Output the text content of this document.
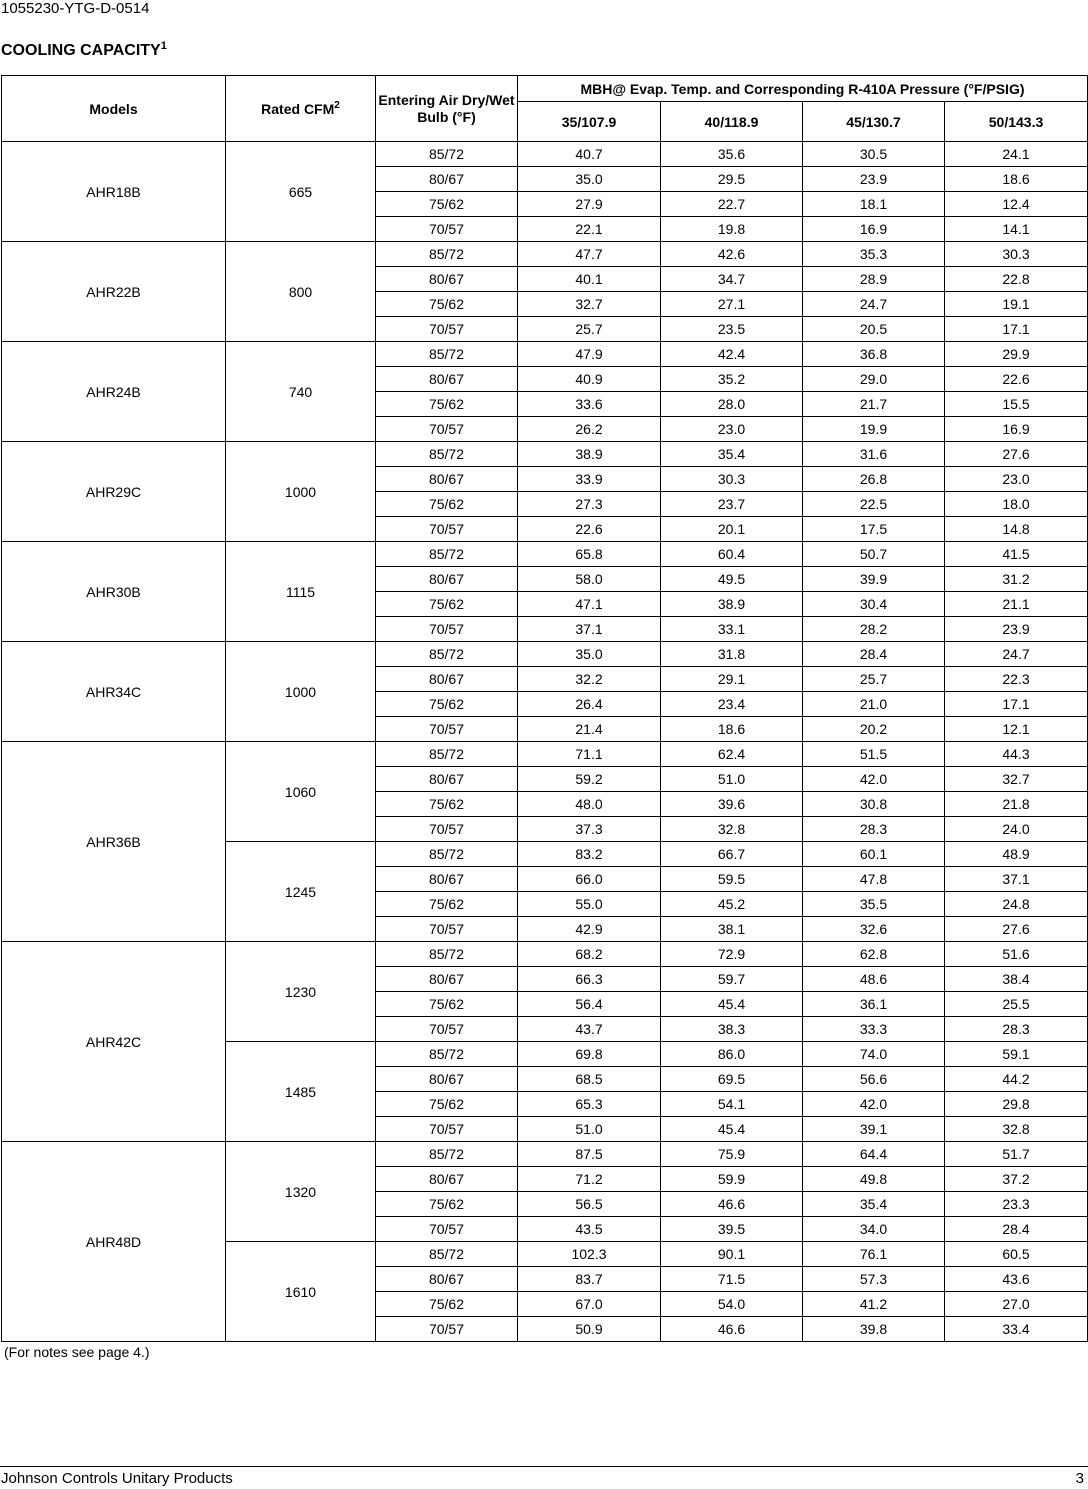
1055230-YTG-D-0514
COOLING CAPACITY$^1$
Models	Rated CFM$^2$	Entering Air Dry/Wet Bulb (°F)	MBH@ Evap. Temp. and Corresponding R-410A Pressure (°F/PSIG)			
			35/107.9	40/118.9	45/130.7	50/143.3
AHR18B	665	85/72	40.7	35.6	30.5	24.1
		80/67	35.0	29.5	23.9	18.6
		75/62	27.9	22.7	18.1	12.4
		70/57	22.1	19.8	16.9	14.1
AHR22B	800	85/72	47.7	42.6	35.3	30.3
		80/67	40.1	34.7	28.9	22.8
		75/62	32.7	27.1	24.7	19.1
		70/57	25.7	23.5	20.5	17.1
AHR24B	740	85/72	47.9	42.4	36.8	29.9
		80/67	40.9	35.2	29.0	22.6
		75/62	33.6	28.0	21.7	15.5
		70/57	26.2	23.0	19.9	16.9
AHR29C	1000	85/72	38.9	35.4	31.6	27.6
		80/67	33.9	30.3	26.8	23.0
		75/62	27.3	23.7	22.5	18.0
		70/57	22.6	20.1	17.5	14.8
AHR30B	1115	85/72	65.8	60.4	50.7	41.5
		80/67	58.0	49.5	39.9	31.2
		75/62	47.1	38.9	30.4	21.1
		70/57	37.1	33.1	28.2	23.9
AHR34C	1000	85/72	35.0	31.8	28.4	24.7
		80/67	32.2	29.1	25.7	22.3
		75/62	26.4	23.4	21.0	17.1
		70/57	21.4	18.6	20.2	12.1
AHR36B	1060	85/72	71.1	62.4	51.5	44.3
		80/67	59.2	51.0	42.0	32.7
		75/62	48.0	39.6	30.8	21.8
		70/57	37.3	32.8	28.3	24.0
	1245	85/72	83.2	66.7	60.1	48.9
		80/67	66.0	59.5	47.8	37.1
		75/62	55.0	45.2	35.5	24.8
		70/57	42.9	38.1	32.6	27.6
AHR42C	1230	85/72	68.2	72.9	62.8	51.6
		80/67	66.3	59.7	48.6	38.4
		75/62	56.4	45.4	36.1	25.5
		70/57	43.7	38.3	33.3	28.3
	1485	85/72	69.8	86.0	74.0	59.1
		80/67	68.5	69.5	56.6	44.2
		75/62	65.3	54.1	42.0	29.8
		70/57	51.0	45.4	39.1	32.8
AHR48D	1320	85/72	87.5	75.9	64.4	51.7
		80/67	71.2	59.9	49.8	37.2
		75/62	56.5	46.6	35.4	23.3
		70/57	43.5	39.5	34.0	28.4
	1610	85/72	102.3	90.1	76.1	60.5
		80/67	83.7	71.5	57.3	43.6
		75/62	67.0	54.0	41.2	27.0
		70/57	50.9	46.6	39.8	33.4
(For notes see page 4.)
Johnson Controls Unitary Products	3
